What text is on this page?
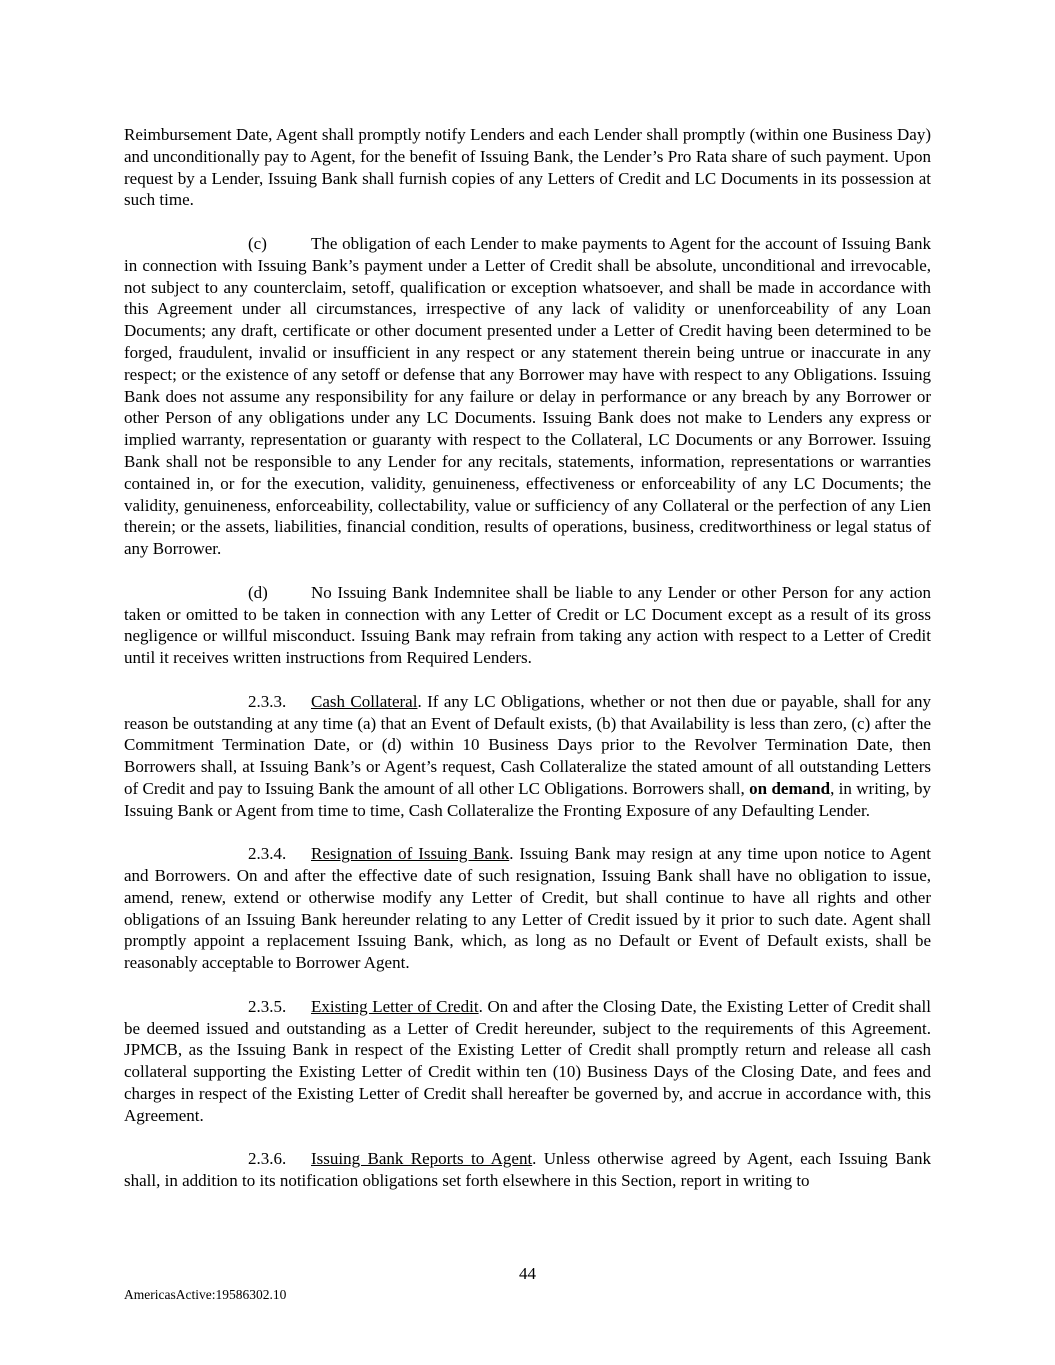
Reimbursement Date, Agent shall promptly notify Lenders and each Lender shall promptly (within one Business Day) and unconditionally pay to Agent, for the benefit of Issuing Bank, the Lender’s Pro Rata share of such payment. Upon request by a Lender, Issuing Bank shall furnish copies of any Letters of Credit and LC Documents in its possession at such time.

(c)	The obligation of each Lender to make payments to Agent for the account of Issuing Bank in connection with Issuing Bank’s payment under a Letter of Credit shall be absolute, unconditional and irrevocable, not subject to any counterclaim, setoff, qualification or exception whatsoever, and shall be made in accordance with this Agreement under all circumstances, irrespective of any lack of validity or unenforceability of any Loan Documents; any draft, certificate or other document presented under a Letter of Credit having been determined to be forged, fraudulent, invalid or insufficient in any respect or any statement therein being untrue or inaccurate in any respect; or the existence of any setoff or defense that any Borrower may have with respect to any Obligations. Issuing Bank does not assume any responsibility for any failure or delay in performance or any breach by any Borrower or other Person of any obligations under any LC Documents. Issuing Bank does not make to Lenders any express or implied warranty, representation or guaranty with respect to the Collateral, LC Documents or any Borrower. Issuing Bank shall not be responsible to any Lender for any recitals, statements, information, representations or warranties contained in, or for the execution, validity, genuineness, effectiveness or enforceability of any LC Documents; the validity, genuineness, enforceability, collectability, value or sufficiency of any Collateral or the perfection of any Lien therein; or the assets, liabilities, financial condition, results of operations, business, creditworthiness or legal status of any Borrower.

(d)	No Issuing Bank Indemnitee shall be liable to any Lender or other Person for any action taken or omitted to be taken in connection with any Letter of Credit or LC Document except as a result of its gross negligence or willful misconduct. Issuing Bank may refrain from taking any action with respect to a Letter of Credit until it receives written instructions from Required Lenders.

2.3.3. Cash Collateral. If any LC Obligations, whether or not then due or payable, shall for any reason be outstanding at any time (a) that an Event of Default exists, (b) that Availability is less than zero, (c) after the Commitment Termination Date, or (d) within 10 Business Days prior to the Revolver Termination Date, then Borrowers shall, at Issuing Bank’s or Agent’s request, Cash Collateralize the stated amount of all outstanding Letters of Credit and pay to Issuing Bank the amount of all other LC Obligations. Borrowers shall, on demand, in writing, by Issuing Bank or Agent from time to time, Cash Collateralize the Fronting Exposure of any Defaulting Lender.

2.3.4. Resignation of Issuing Bank. Issuing Bank may resign at any time upon notice to Agent and Borrowers. On and after the effective date of such resignation, Issuing Bank shall have no obligation to issue, amend, renew, extend or otherwise modify any Letter of Credit, but shall continue to have all rights and other obligations of an Issuing Bank hereunder relating to any Letter of Credit issued by it prior to such date. Agent shall promptly appoint a replacement Issuing Bank, which, as long as no Default or Event of Default exists, shall be reasonably acceptable to Borrower Agent.

2.3.5. Existing Letter of Credit. On and after the Closing Date, the Existing Letter of Credit shall be deemed issued and outstanding as a Letter of Credit hereunder, subject to the requirements of this Agreement. JPMCB, as the Issuing Bank in respect of the Existing Letter of Credit shall promptly return and release all cash collateral supporting the Existing Letter of Credit within ten (10) Business Days of the Closing Date, and fees and charges in respect of the Existing Letter of Credit shall hereafter be governed by, and accrue in accordance with, this Agreement.

2.3.6. Issuing Bank Reports to Agent. Unless otherwise agreed by Agent, each Issuing Bank shall, in addition to its notification obligations set forth elsewhere in this Section, report in writing to

44
AmericasActive:19586302.10
